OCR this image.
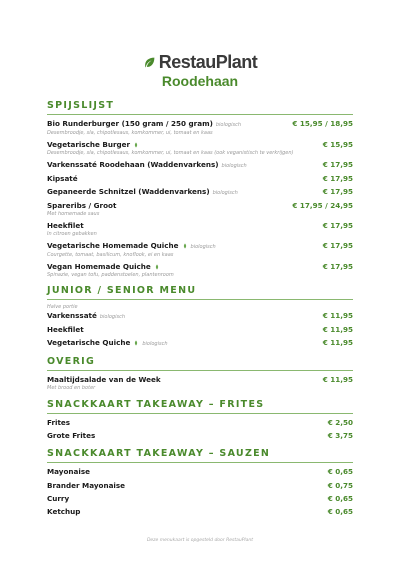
RestauPlant
Roodehaan
SPIJSLIJST
Bio Runderburger (150 gram / 250 gram) biologisch	€ 15,95 / 18,95
Desembroodje, sla, chipotlesaus, komkommer, ui, tomaat en kaas
Vegetarische Burger	€ 15,95
Desembroodje, sla, chipotlesaus, komkommer, ui, tomaat en kaas (ook veganistisch te verkrijgen)
Varkenssaté Roodehaan (Waddenvarkens) biologisch	€ 17,95
Kipsaté	€ 17,95
Gepaneerde Schnitzel (Waddenvarkens) biologisch	€ 17,95
Spareribs / Groot	€ 17,95 / 24,95
Met homemade saus
Heekfilet	€ 17,95
In citroen gebakken
Vegetarische Homemade Quiche biologisch	€ 17,95
Courgette, tomaat, basilicum, knoflook, ei en kaas
Vegan Homemade Quiche	€ 17,95
Spinazie, vegan tofu, paddenstoelen, plantenroom
JUNIOR / SENIOR MENU
Halve portie
Varkenssaté biologisch	€ 11,95
Heekfilet	€ 11,95
Vegetarische Quiche biologisch	€ 11,95
OVERIG
Maaltijdsalade van de Week	€ 11,95
Met brood en boter
SNACKKAART TAKEAWAY – FRITES
Frites	€ 2,50
Grote Frites	€ 3,75
SNACKKAART TAKEAWAY – SAUZEN
Mayonaise	€ 0,65
Brander Mayonaise	€ 0,75
Curry	€ 0,65
Ketchup	€ 0,65
Deze menukaart is opgesteld door RestauPlant
